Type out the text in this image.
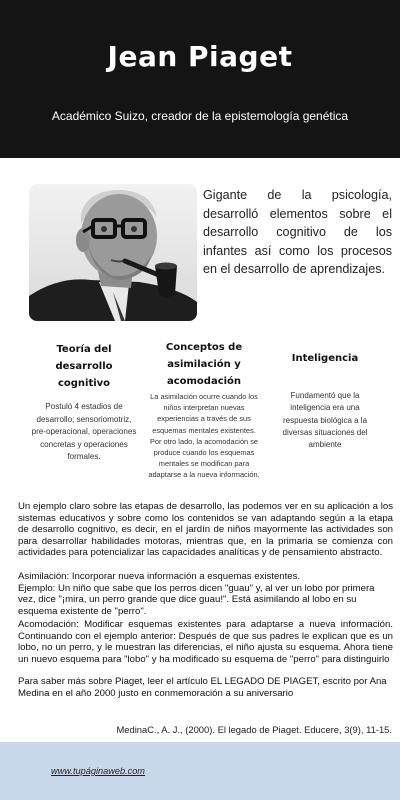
Jean Piaget
Académico Suizo, creador de la epistemología genética
Gigante de la psicología, desarrolló elementos sobre el desarrollo cognitivo de los infantes así como los procesos en el desarrollo de aprendizajes.
Teoría del desarrollo cognitivo
Postuló 4 estadios de desarrollo; sensoriomotriz, pre-operacional, operaciones concretas y operaciones formales.
Conceptos de asimilación y acomodación
La asimilación ocurre cuando los niños interpretan nuevas experiencias a través de sus esquemas mentales existentes. Por otro lado, la acomodación se produce cuando los esquemas mentales se modifican para adaptarse a la nueva información.
Inteligencia
Fundamentó que la inteligencia era una respuesta biológica a la diversas situaciones del ambiente
Un ejemplo claro sobre las etapas de desarrollo, las podemos ver en su aplicación a los sistemas educativos y sobre como los contenidos se van adaptando según a la etapa de desarrollo cognitivo, es decir, en el jardín de niños mayormente las actividades son para desarrollar habilidades motoras, mientras que, en la primaria se comienza con actividades para potencializar las capacidades analíticas y de pensamiento abstracto.
Asimilación: Incorporar nueva información a esquemas existentes.
Ejemplo: Un niño que sabe que los perros dicen "guau" y, al ver un lobo por primera vez, dice "¡mira, un perro grande que dice guau!". Está asimilando al lobo en su esquema existente de "perro".
Acomodación: Modificar esquemas existentes para adaptarse a nueva información. Continuando con el ejemplo anterior: Después de que sus padres le explican que es un lobo, no un perro, y le muestran las diferencias, el niño ajusta su esquema. Ahora tiene un nuevo esquema para "lobo" y ha modificado su esquema de "perro" para distinguirlo
Para saber más sobre Piaget, leer el artículo EL LEGADO DE PIAGET, escrito por Ana Medina en el año 2000 justo en conmemoración a su aniversario
MedinaC., A. J., (2000). El legado de Piaget. Educere, 3(9), 11-15.
www.tupáginaweb.com
